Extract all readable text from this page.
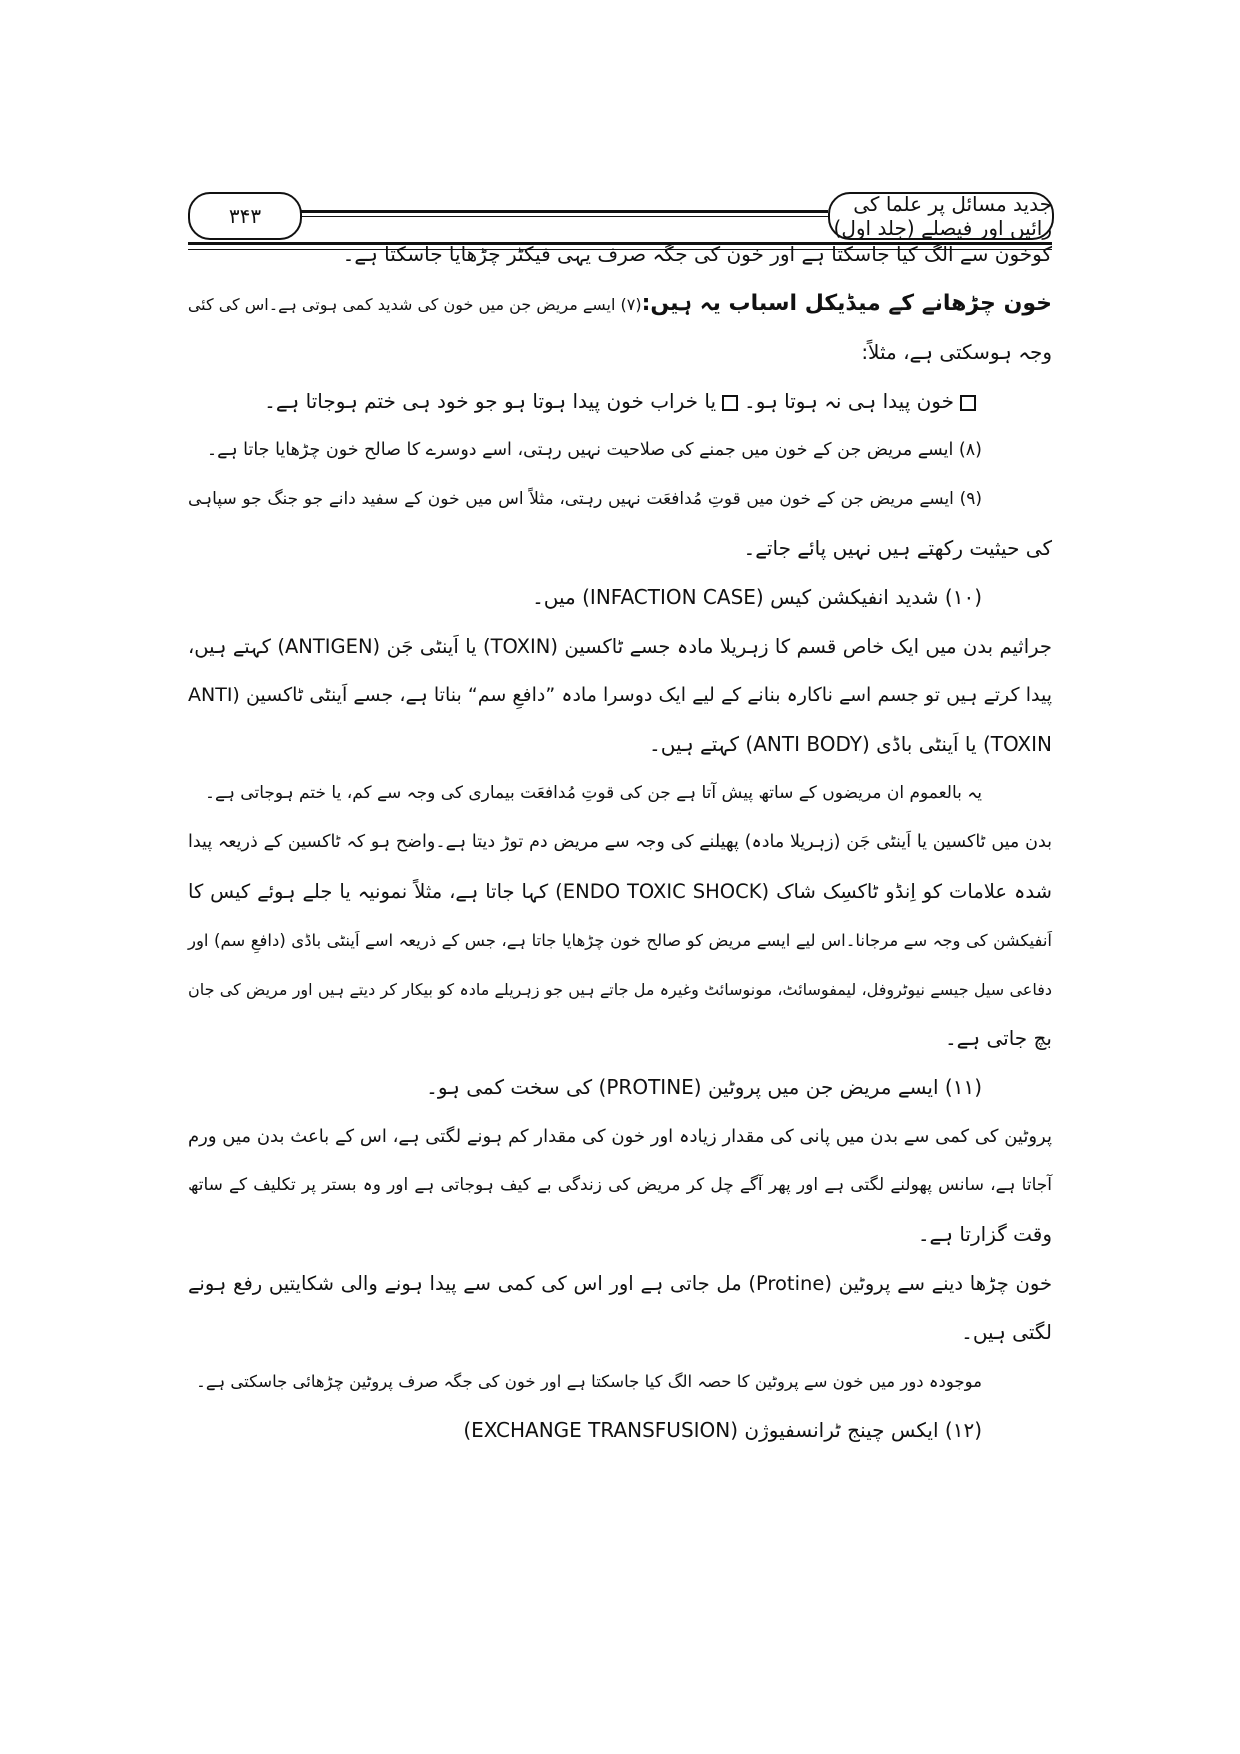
۳۴۳	جدید مسائل پر علما کی رائیں اور فیصلے (جلد اول)
کوخون سے الگ کیا جاسکتا ہے اور خون کی جگہ صرف یہی فیکٹر چڑھایا جاسکتا ہے۔
خون چڑھانے کے میڈیکل اسباب یہ ہیں:(۷) ایسے مریض جن میں خون کی شدید کمی ہوتی ہے۔اس کی کئی
وجہ ہوسکتی ہے، مثلاً:
خون پیدا ہی نہ ہوتا ہو۔یا خراب خون پیدا ہوتا ہو جو خود ہی ختم ہوجاتا ہے۔
(۸) ایسے مریض جن کے خون میں جمنے کی صلاحیت نہیں رہتی، اسے دوسرے کا صالح خون چڑھایا جاتا ہے۔
(۹) ایسے مریض جن کے خون میں قوتِ مُدافعَت نہیں رہتی، مثلاً اس میں خون کے سفید دانے جو جنگ جو سپاہی
کی حیثیت رکھتے ہیں نہیں پائے جاتے۔
(۱۰) شدید انفیکشن کیس (INFACTION CASE) میں۔
جراثیم بدن میں ایک خاص قسم کا زہریلا مادہ جسے ٹاکسین (TOXIN) یا اَینٹی جَن (ANTIGEN) کہتے ہیں،
پیدا کرتے ہیں تو جسم اسے ناکارہ بنانے کے لیے ایک دوسرا مادہ ”دافعِ سم“ بناتا ہے، جسے اَینٹی ٹاکسین (ANTI
TOXIN) یا اَینٹی باڈی (ANTI BODY) کہتے ہیں۔
یہ بالعموم ان مریضوں کے ساتھ پیش آتا ہے جن کی قوتِ مُدافعَت بیماری کی وجہ سے کم، یا ختم ہوجاتی ہے۔
بدن میں ٹاکسین یا اَینٹی جَن (زہریلا مادہ) پھیلنے کی وجہ سے مریض دم توڑ دیتا ہے۔واضح ہو کہ ٹاکسین کے ذریعہ پیدا
شدہ علامات کو اِنڈو ٹاکسِک شاک (ENDO TOXIC SHOCK) کہا جاتا ہے، مثلاً نمونیہ یا جلے ہوئے کیس کا
اَنفیکشن کی وجہ سے مرجانا۔اس لیے ایسے مریض کو صالح خون چڑھایا جاتا ہے، جس کے ذریعہ اسے اَینٹی باڈی (دافعِ سم) اور
دفاعی سیل جیسے نیوٹروفل، لیمفوسائٹ، مونوسائٹ وغیرہ مل جاتے ہیں جو زہریلے مادہ کو بیکار کر دیتے ہیں اور مریض کی جان
بچ جاتی ہے۔
(۱۱) ایسے مریض جن میں پروٹین (PROTINE) کی سخت کمی ہو۔
پروٹین کی کمی سے بدن میں پانی کی مقدار زیادہ اور خون کی مقدار کم ہونے لگتی ہے، اس کے باعث بدن میں ورم
آجاتا ہے، سانس پھولنے لگتی ہے اور پھر آگے چل کر مریض کی زندگی بے کیف ہوجاتی ہے اور وہ بستر پر تکلیف کے ساتھ
وقت گزارتا ہے۔
خون چڑھا دینے سے پروٹین (Protine) مل جاتی ہے اور اس کی کمی سے پیدا ہونے والی شکایتیں رفع ہونے
لگتی ہیں۔
موجودہ دور میں خون سے پروٹین کا حصہ الگ کیا جاسکتا ہے اور خون کی جگہ صرف پروٹین چڑھائی جاسکتی ہے۔
(۱۲) ایکس چینج ٹرانسفیوژن (EXCHANGE TRANSFUSION)
